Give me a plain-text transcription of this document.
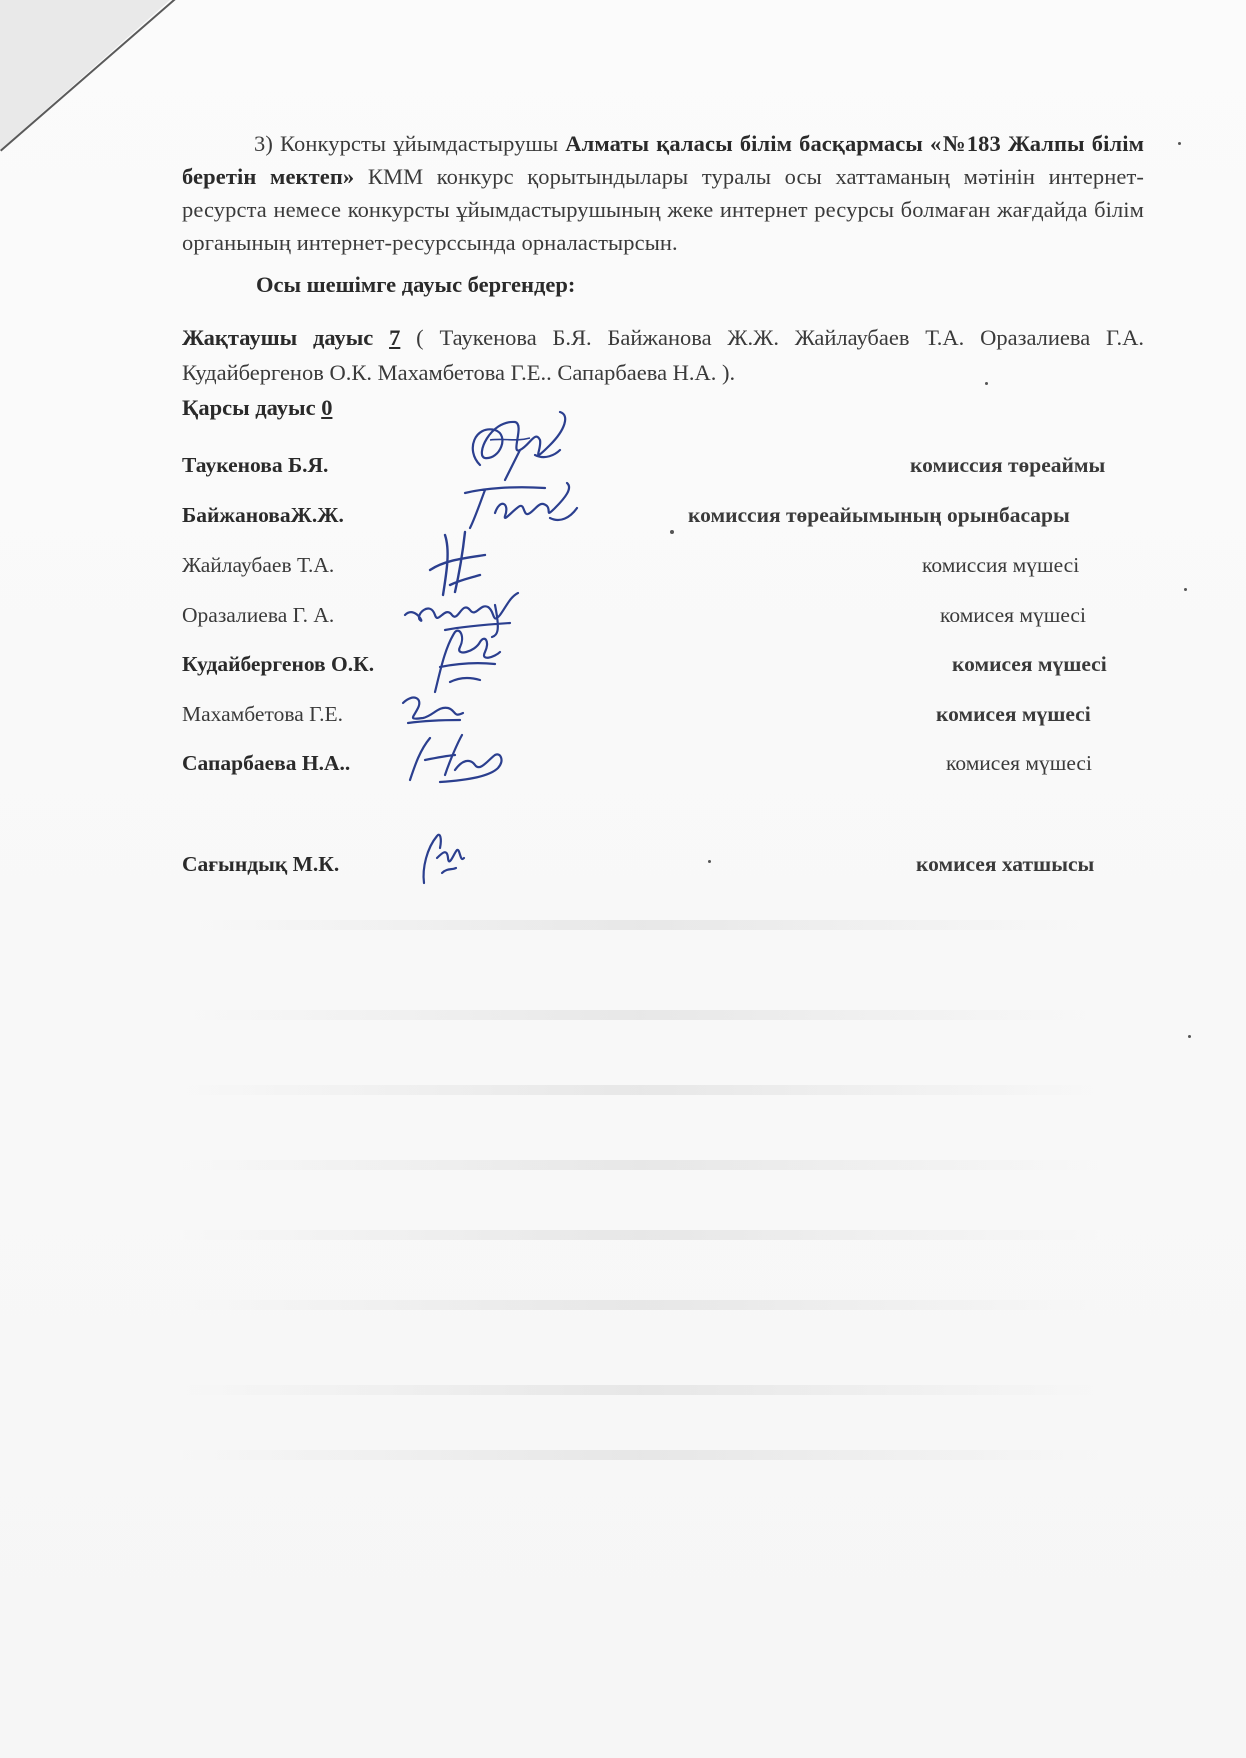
3) Конкурсты ұйымдастырушы Алматы қаласы білім басқармасы «№183 Жалпы білім беретін мектеп» КММ конкурс қорытындылары туралы осы хаттаманың мәтінін интернет-ресурста немесе конкурсты ұйымдастырушының жеке интернет ресурсы болмаған жағдайда білім органының интернет-ресурссында орналастырсын.
Осы шешімге дауыс бергендер:
Жақтаушы дауыс 7 ( Таукенова Б.Я. Байжанова Ж.Ж. Жайлаубаев Т.А. Оразалиева Г.А. Кудайбергенов О.К. Махамбетова Г.Е.. Сапарбаева Н.А. ).
Қарсы дауыс 0
Таукенова Б.Я.	комиссия төреаймы
БайжановаЖ.Ж.	комиссия төреайымының орынбасары
Жайлаубаев Т.А.	комиссия мүшесі
Оразалиева Г. А.	комисея мүшесі
Кудайбергенов О.К.	комисея мүшесі
Махамбетова Г.Е.	комисея мүшесі
Сапарбаева Н.А..	комисея мүшесі
Сағындық М.К.	комисея хатшысы
